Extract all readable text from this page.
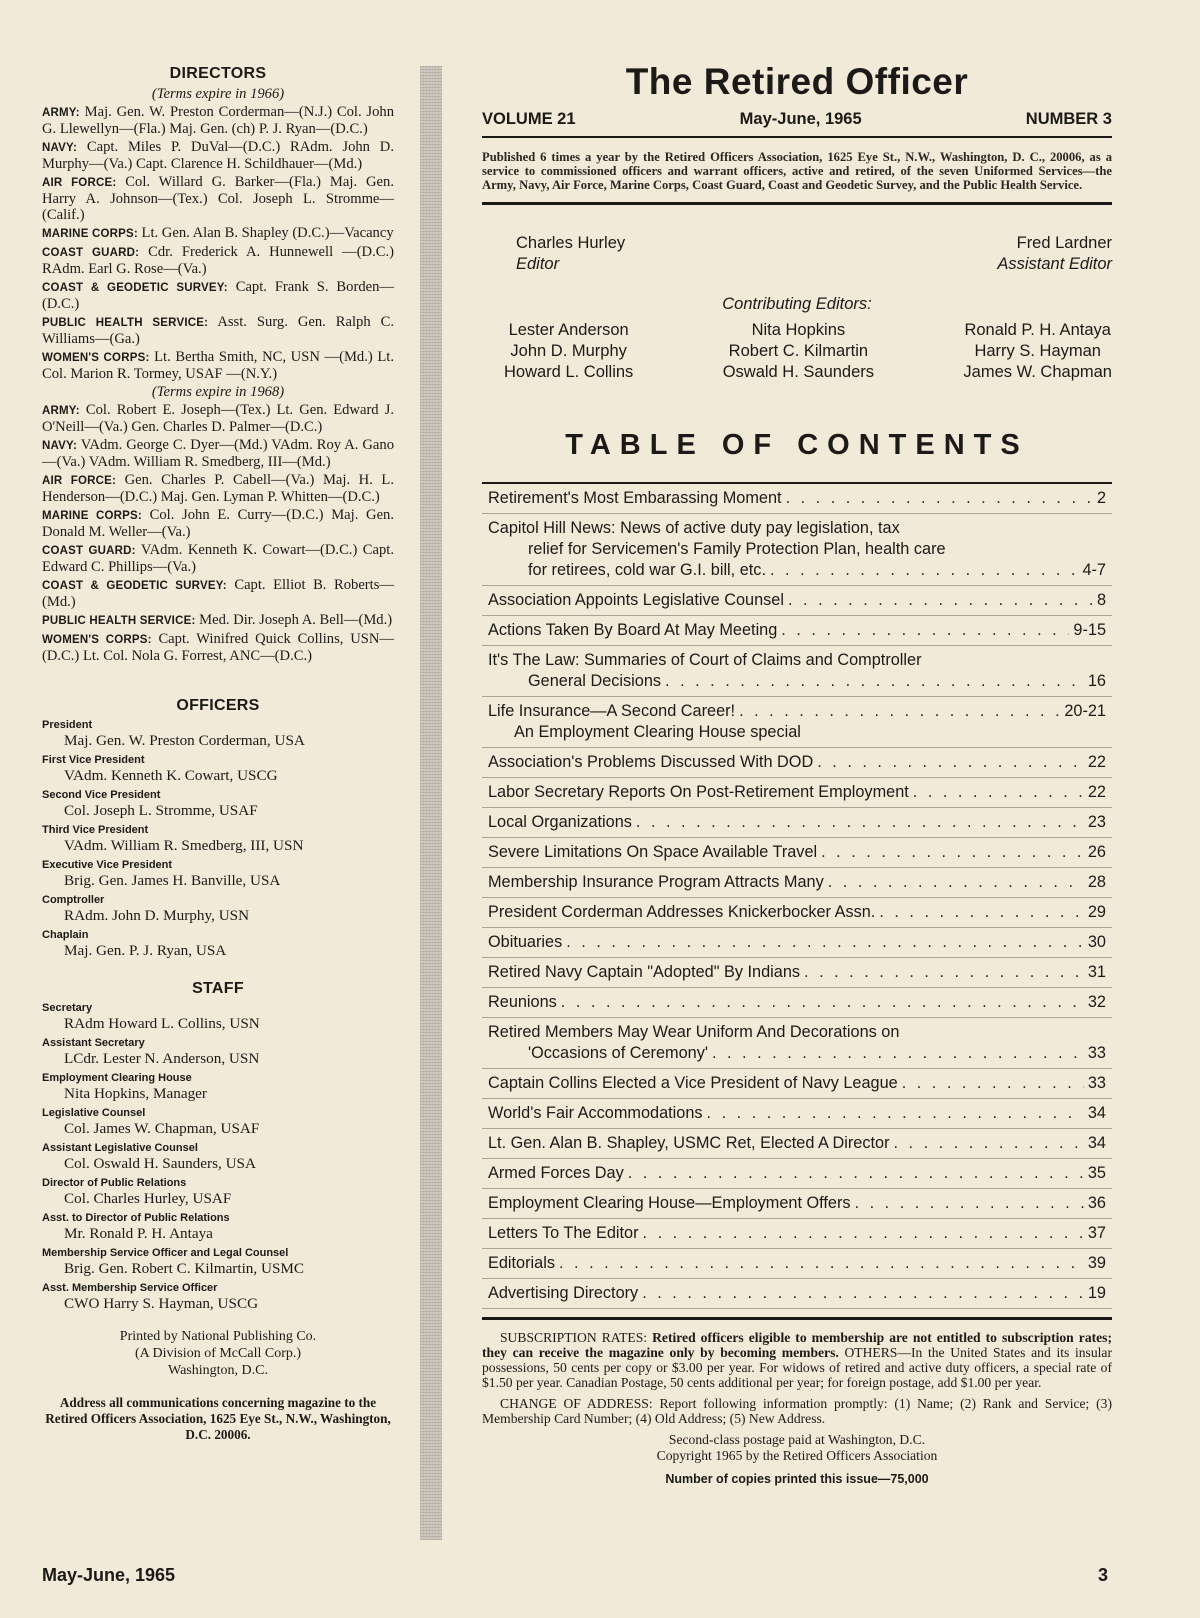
DIRECTORS
(Terms expire in 1966)
ARMY: Maj. Gen. W. Preston Corderman—(N.J.) Col. John G. Llewellyn—(Fla.) Maj. Gen. (ch) P. J. Ryan—(D.C.)
NAVY: Capt. Miles P. DuVal—(D.C.) RAdm. John D. Murphy—(Va.) Capt. Clarence H. Schildhauer—(Md.)
AIR FORCE: Col. Willard G. Barker—(Fla.) Maj. Gen. Harry A. Johnson—(Tex.) Col. Joseph L. Stromme—(Calif.)
MARINE CORPS: Lt. Gen. Alan B. Shapley (D.C.)—Vacancy
COAST GUARD: Cdr. Frederick A. Hunnewell —(D.C.) RAdm. Earl G. Rose—(Va.)
COAST & GEODETIC SURVEY: Capt. Frank S. Borden—(D.C.)
PUBLIC HEALTH SERVICE: Asst. Surg. Gen. Ralph C. Williams—(Ga.)
WOMEN'S CORPS: Lt. Bertha Smith, NC, USN —(Md.) Lt. Col. Marion R. Tormey, USAF —(N.Y.)
(Terms expire in 1968)
ARMY: Col. Robert E. Joseph—(Tex.) Lt. Gen. Edward J. O'Neill—(Va.) Gen. Charles D. Palmer—(D.C.)
NAVY: VAdm. George C. Dyer—(Md.) VAdm. Roy A. Gano—(Va.) VAdm. William R. Smedberg, III—(Md.)
AIR FORCE: Gen. Charles P. Cabell—(Va.) Maj. H. L. Henderson—(D.C.) Maj. Gen. Lyman P. Whitten—(D.C.)
MARINE CORPS: Col. John E. Curry—(D.C.) Maj. Gen. Donald M. Weller—(Va.)
COAST GUARD: VAdm. Kenneth K. Cowart—(D.C.) Capt. Edward C. Phillips—(Va.)
COAST & GEODETIC SURVEY: Capt. Elliot B. Roberts—(Md.)
PUBLIC HEALTH SERVICE: Med. Dir. Joseph A. Bell—(Md.)
WOMEN'S CORPS: Capt. Winifred Quick Collins, USN—(D.C.) Lt. Col. Nola G. Forrest, ANC—(D.C.)
OFFICERS
President
Maj. Gen. W. Preston Corderman, USA
First Vice President
VAdm. Kenneth K. Cowart, USCG
Second Vice President
Col. Joseph L. Stromme, USAF
Third Vice President
VAdm. William R. Smedberg, III, USN
Executive Vice President
Brig. Gen. James H. Banville, USA
Comptroller
RAdm. John D. Murphy, USN
Chaplain
Maj. Gen. P. J. Ryan, USA
STAFF
Secretary
RAdm Howard L. Collins, USN
Assistant Secretary
LCdr. Lester N. Anderson, USN
Employment Clearing House
Nita Hopkins, Manager
Legislative Counsel
Col. James W. Chapman, USAF
Assistant Legislative Counsel
Col. Oswald H. Saunders, USA
Director of Public Relations
Col. Charles Hurley, USAF
Asst. to Director of Public Relations
Mr. Ronald P. H. Antaya
Membership Service Officer and Legal Counsel
Brig. Gen. Robert C. Kilmartin, USMC
Asst. Membership Service Officer
CWO Harry S. Hayman, USCG
Printed by National Publishing Co.
(A Division of McCall Corp.)
Washington, D.C.
Address all communications concerning magazine to the Retired Officers Association, 1625 Eye St., N.W., Washington, D.C. 20006.
The Retired Officer
VOLUME 21	May-June, 1965	NUMBER 3
Published 6 times a year by the Retired Officers Association, 1625 Eye St., N.W., Washington, D. C., 20006, as a service to commissioned officers and warrant officers, active and retired, of the seven Uniformed Services—the Army, Navy, Air Force, Marine Corps, Coast Guard, Coast and Geodetic Survey, and the Public Health Service.
Charles Hurley
Editor
Fred Lardner
Assistant Editor
Contributing Editors:
Lester Anderson
John D. Murphy
Howard L. Collins
Nita Hopkins
Robert C. Kilmartin
Oswald H. Saunders
Ronald P. H. Antaya
Harry S. Hayman
James W. Chapman
TABLE OF CONTENTS
Retirement's Most Embarassing Moment . . .	2
Capitol Hill News: News of active duty pay legislation, tax
relief for Servicemen's Family Protection Plan, health care
for retirees, cold war G.I. bill, etc. . . .	4-7
Association Appoints Legislative Counsel . . .	8
Actions Taken By Board At May Meeting . . .	9-15
It's The Law: Summaries of Court of Claims and Comptroller
General Decisions . . .	16
Life Insurance—A Second Career! . . .	20-21
An Employment Clearing House special
Association's Problems Discussed With DOD . . .	22
Labor Secretary Reports On Post-Retirement Employment . . .	22
Local Organizations . . .	23
Severe Limitations On Space Available Travel . . .	26
Membership Insurance Program Attracts Many . . .	28
President Corderman Addresses Knickerbocker Assn. . . .	29
Obituaries . . .	30
Retired Navy Captain "Adopted" By Indians . . .	31
Reunions . . .	32
Retired Members May Wear Uniform And Decorations on
'Occasions of Ceremony' . . .	33
Captain Collins Elected a Vice President of Navy League . . .	33
World's Fair Accommodations . . .	34
Lt. Gen. Alan B. Shapley, USMC Ret, Elected A Director . . .	34
Armed Forces Day . . .	35
Employment Clearing House—Employment Offers . . .	36
Letters To The Editor . . .	37
Editorials . . .	39
Advertising Directory . . .	19

SUBSCRIPTION RATES: Retired officers eligible to membership are not entitled to subscription rates; they can receive the magazine only by becoming members. OTHERS—In the United States and its insular possessions, 50 cents per copy or $3.00 per year. For widows of retired and active duty officers, a special rate of $1.50 per year. Canadian Postage, 50 cents additional per year; for foreign postage, add $1.00 per year.

CHANGE OF ADDRESS: Report following information promptly: (1) Name; (2) Rank and Service; (3) Membership Card Number; (4) Old Address; (5) New Address.

Second-class postage paid at Washington, D.C.
Copyright 1965 by the Retired Officers Association
Number of copies printed this issue—75,000
May-June, 1965	3
